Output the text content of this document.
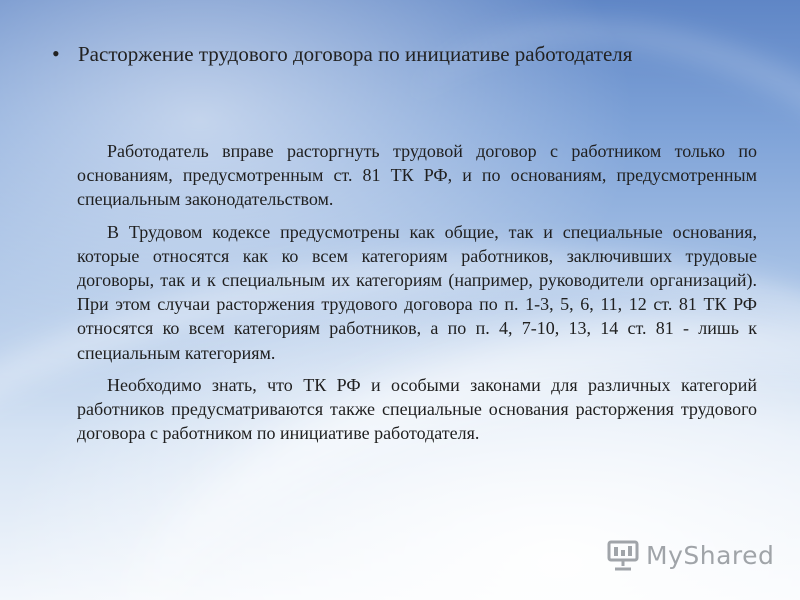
• Расторжение трудового договора по инициативе работодателя

Работодатель вправе расторгнуть трудовой договор с работником только по основаниям, предусмотренным ст. 81 ТК РФ, и по основаниям, предусмотренным специальным законодательством.

В Трудовом кодексе предусмотрены как общие, так и специальные основания, которые относятся как ко всем категориям работников, заключивших трудовые договоры, так и к специальным их категориям (например, руководители организаций). При этом случаи расторжения трудового договора по п. 1-3, 5, 6, 11, 12 ст. 81 ТК РФ относятся ко всем категориям работников, а по п. 4, 7-10, 13, 14 ст. 81 - лишь к специальным категориям.

Необходимо знать, что ТК РФ и особыми законами для различных категорий работников предусматриваются также специальные основания расторжения трудового договора с работником по инициативе работодателя.

MyShared
